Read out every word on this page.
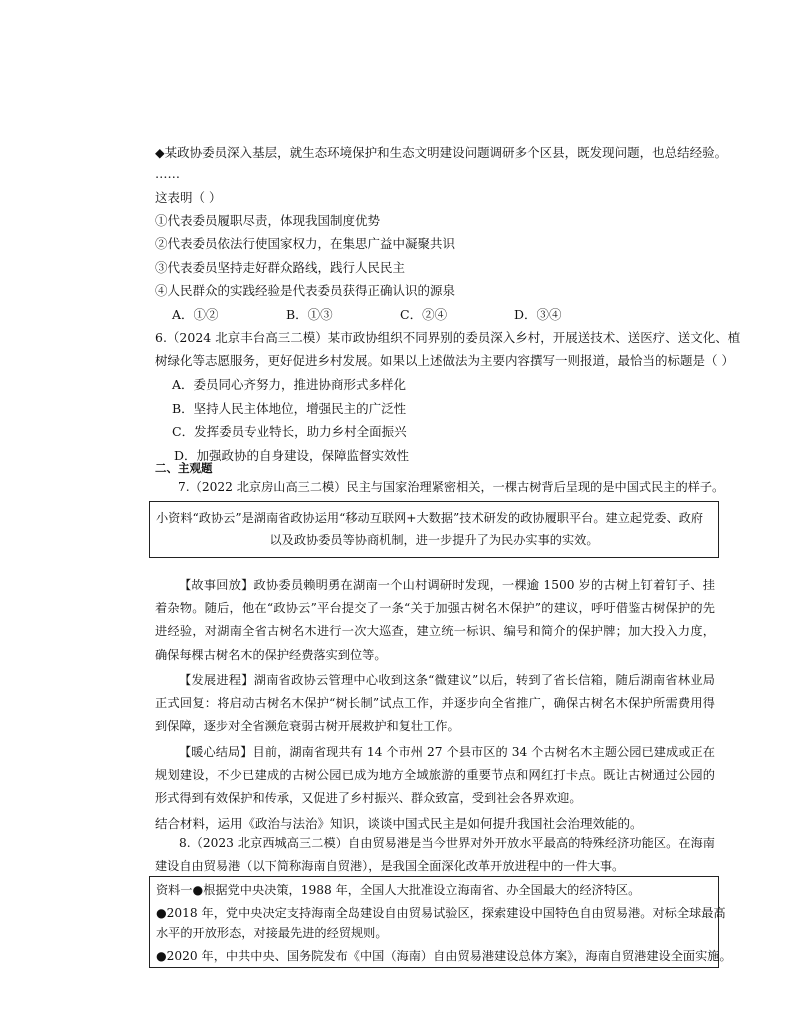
◆某政协委员深入基层，就生态环境保护和生态文明建设问题调研多个区县，既发现问题，也总结经验。
……
这表明（ ）
①代表委员履职尽责，体现我国制度优势
②代表委员依法行使国家权力，在集思广益中凝聚共识
③代表委员坚持走好群众路线，践行人民民主
④人民群众的实践经验是代表委员获得正确认识的源泉
A．①②	B．①③	C．②④	D．③④
6.（2024 北京丰台高三二模）某市政协组织不同界别的委员深入乡村，开展送技术、送医疗、送文化、植
树绿化等志愿服务，更好促进乡村发展。如果以上述做法为主要内容撰写一则报道，最恰当的标题是（ ）
A．委员同心齐努力，推进协商形式多样化
B．坚持人民主体地位，增强民主的广泛性
C．发挥委员专业特长，助力乡村全面振兴
D．加强政协的自身建设，保障监督实效性
二、主观题
7.（2022 北京房山高三二模）民主与国家治理紧密相关，一棵古树背后呈现的是中国式民主的样子。
小资料“政协云”是湖南省政协运用“移动互联网+大数据”技术研发的政协履职平台。建立起党委、政府
以及政协委员等协商机制，进一步提升了为民办实事的实效。
【故事回放】政协委员赖明勇在湖南一个山村调研时发现，一棵逾 1500 岁的古树上钉着钉子、挂着杂物。随后，他在“政协云”平台提交了一条“关于加强古树名木保护”的建议，呼吁借鉴古树保护的先进经验，对湖南全省古树名木进行一次大巡查，建立统一标识、编号和简介的保护牌；加大投入力度，确保每棵古树名木的保护经费落实到位等。
【发展进程】湖南省政协云管理中心收到这条“微建议”以后，转到了省长信箱，随后湖南省林业局正式回复：将启动古树名木保护“树长制”试点工作，并逐步向全省推广，确保古树名木保护所需费用得到保障，逐步对全省濒危衰弱古树开展救护和复壮工作。
【暖心结局】目前，湖南省现共有 14 个市州 27 个县市区的 34 个古树名木主题公园已建成或正在规划建设，不少已建成的古树公园已成为地方全域旅游的重要节点和网红打卡点。既让古树通过公园的形式得到有效保护和传承，又促进了乡村振兴、群众致富，受到社会各界欢迎。
结合材料，运用《政治与法治》知识，谈谈中国式民主是如何提升我国社会治理效能的。
8.（2023 北京西城高三二模）自由贸易港是当今世界对外开放水平最高的特殊经济功能区。在海南建设自由贸易港（以下简称海南自贸港），是我国全面深化改革开放进程中的一件大事。
资料一●根据党中央决策，1988 年，全国人大批准设立海南省、办全国最大的经济特区。
●2018 年，党中央决定支持海南全岛建设自由贸易试验区，探索建设中国特色自由贸易港。对标全球最高
水平的开放形态，对接最先进的经贸规则。
●2020 年，中共中央、国务院发布《中国（海南）自由贸易港建设总体方案》，海南自贸港建设全面实施。
